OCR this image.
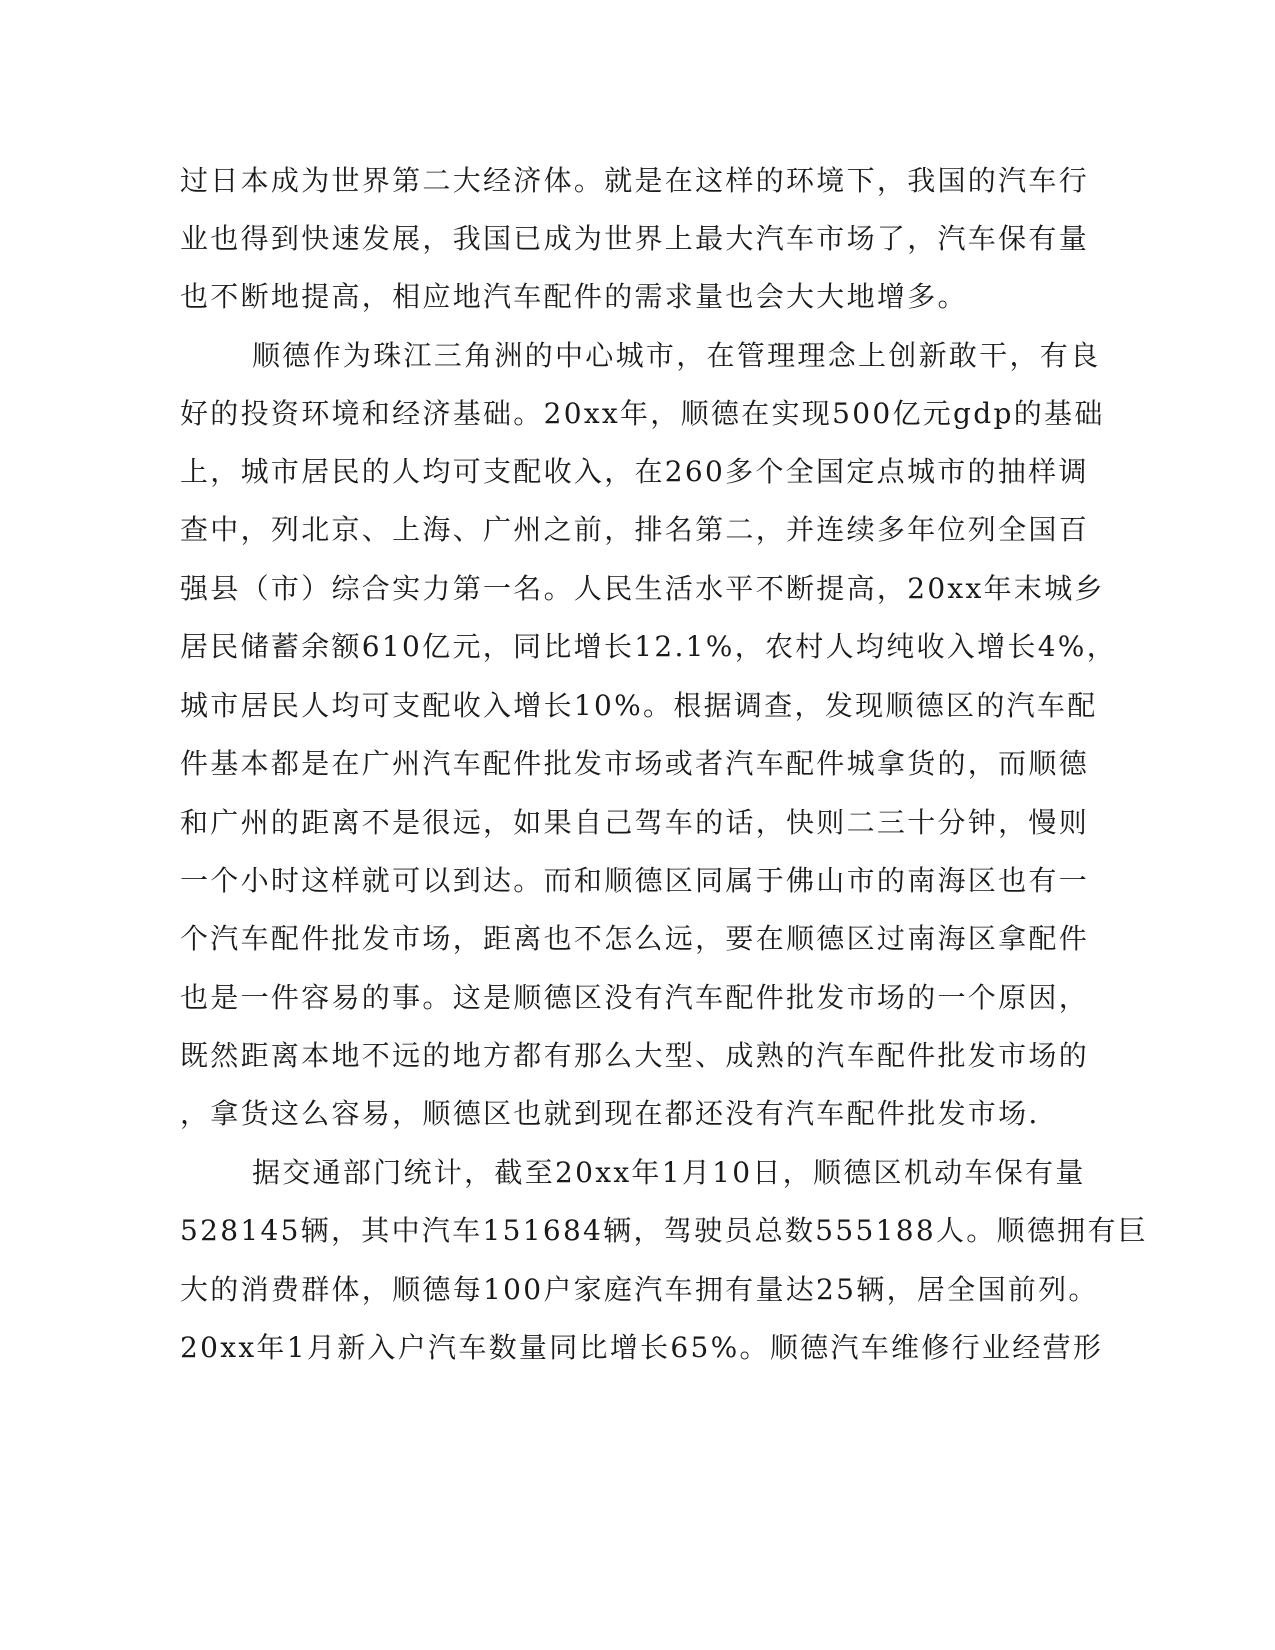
过日本成为世界第二大经济体。就是在这样的环境下，我国的汽车行
业也得到快速发展，我国已成为世界上最大汽车市场了，汽车保有量
也不断地提高，相应地汽车配件的需求量也会大大地增多。
顺德作为珠江三角洲的中心城市，在管理理念上创新敢干，有良
好的投资环境和经济基础。20xx年，顺德在实现500亿元gdp的基础
上，城市居民的人均可支配收入，在260多个全国定点城市的抽样调
查中，列北京、上海、广州之前，排名第二，并连续多年位列全国百
强县（市）综合实力第一名。人民生活水平不断提高，20xx年末城乡
居民储蓄余额610亿元，同比增长12.1%，农村人均纯收入增长4%，
城市居民人均可支配收入增长10%。根据调查，发现顺德区的汽车配
件基本都是在广州汽车配件批发市场或者汽车配件城拿货的，而顺德
和广州的距离不是很远，如果自己驾车的话，快则二三十分钟，慢则
一个小时这样就可以到达。而和顺德区同属于佛山市的南海区也有一
个汽车配件批发市场，距离也不怎么远，要在顺德区过南海区拿配件
也是一件容易的事。这是顺德区没有汽车配件批发市场的一个原因，
既然距离本地不远的地方都有那么大型、成熟的汽车配件批发市场的
，拿货这么容易，顺德区也就到现在都还没有汽车配件批发市场.
据交通部门统计，截至20xx年1月10日，顺德区机动车保有量
528145辆，其中汽车151684辆，驾驶员总数555188人。顺德拥有巨
大的消费群体，顺德每100户家庭汽车拥有量达25辆，居全国前列。
20xx年1月新入户汽车数量同比增长65%。顺德汽车维修行业经营形
